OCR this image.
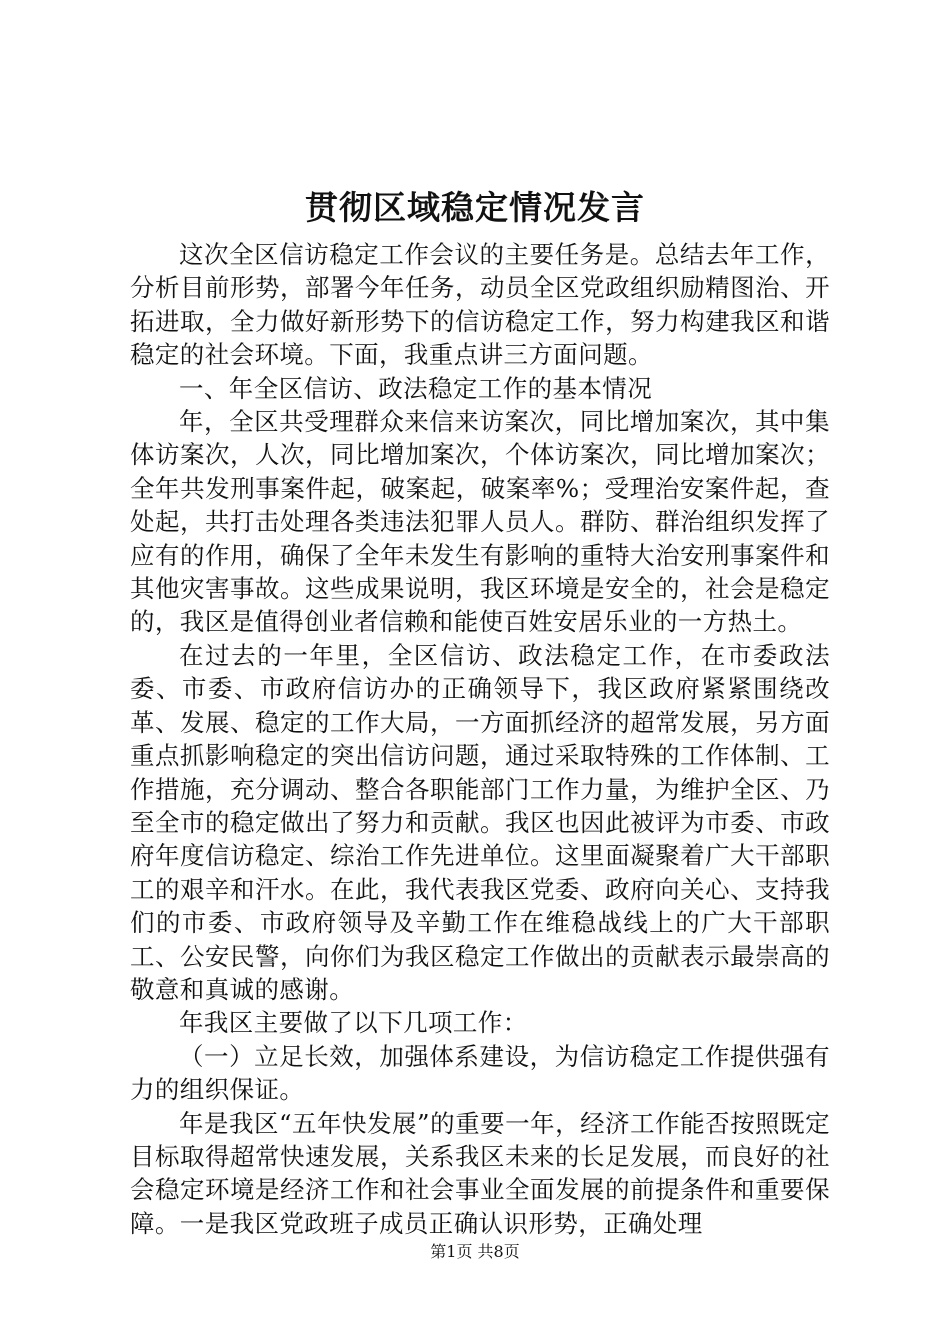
贯彻区域稳定情况发言

这次全区信访稳定工作会议的主要任务是。总结去年工作，分析目前形势，部署今年任务，动员全区党政组织励精图治、开拓进取，全力做好新形势下的信访稳定工作，努力构建我区和谐稳定的社会环境。下面，我重点讲三方面问题。

一、年全区信访、政法稳定工作的基本情况

年，全区共受理群众来信来访案次，同比增加案次，其中集体访案次，人次，同比增加案次，个体访案次，同比增加案次；全年共发刑事案件起，破案起，破案率%；受理治安案件起，查处起，共打击处理各类违法犯罪人员人。群防、群治组织发挥了应有的作用，确保了全年未发生有影响的重特大治安刑事案件和其他灾害事故。这些成果说明，我区环境是安全的，社会是稳定的，我区是值得创业者信赖和能使百姓安居乐业的一方热土。

在过去的一年里，全区信访、政法稳定工作，在市委政法委、市委、市政府信访办的正确领导下，我区政府紧紧围绕改革、发展、稳定的工作大局，一方面抓经济的超常发展，另方面重点抓影响稳定的突出信访问题，通过采取特殊的工作体制、工作措施，充分调动、整合各职能部门工作力量，为维护全区、乃至全市的稳定做出了努力和贡献。我区也因此被评为市委、市政府年度信访稳定、综治工作先进单位。这里面凝聚着广大干部职工的艰辛和汗水。在此，我代表我区党委、政府向关心、支持我们的市委、市政府领导及辛勤工作在维稳战线上的广大干部职工、公安民警，向你们为我区稳定工作做出的贡献表示最崇高的敬意和真诚的感谢。

年我区主要做了以下几项工作：

（一）立足长效，加强体系建设，为信访稳定工作提供强有力的组织保证。

年是我区“五年快发展”的重要一年，经济工作能否按照既定目标取得超常快速发展，关系我区未来的长足发展，而良好的社会稳定环境是经济工作和社会事业全面发展的前提条件和重要保障。一是我区党政班子成员正确认识形势，正确处理

第1页 共8页
